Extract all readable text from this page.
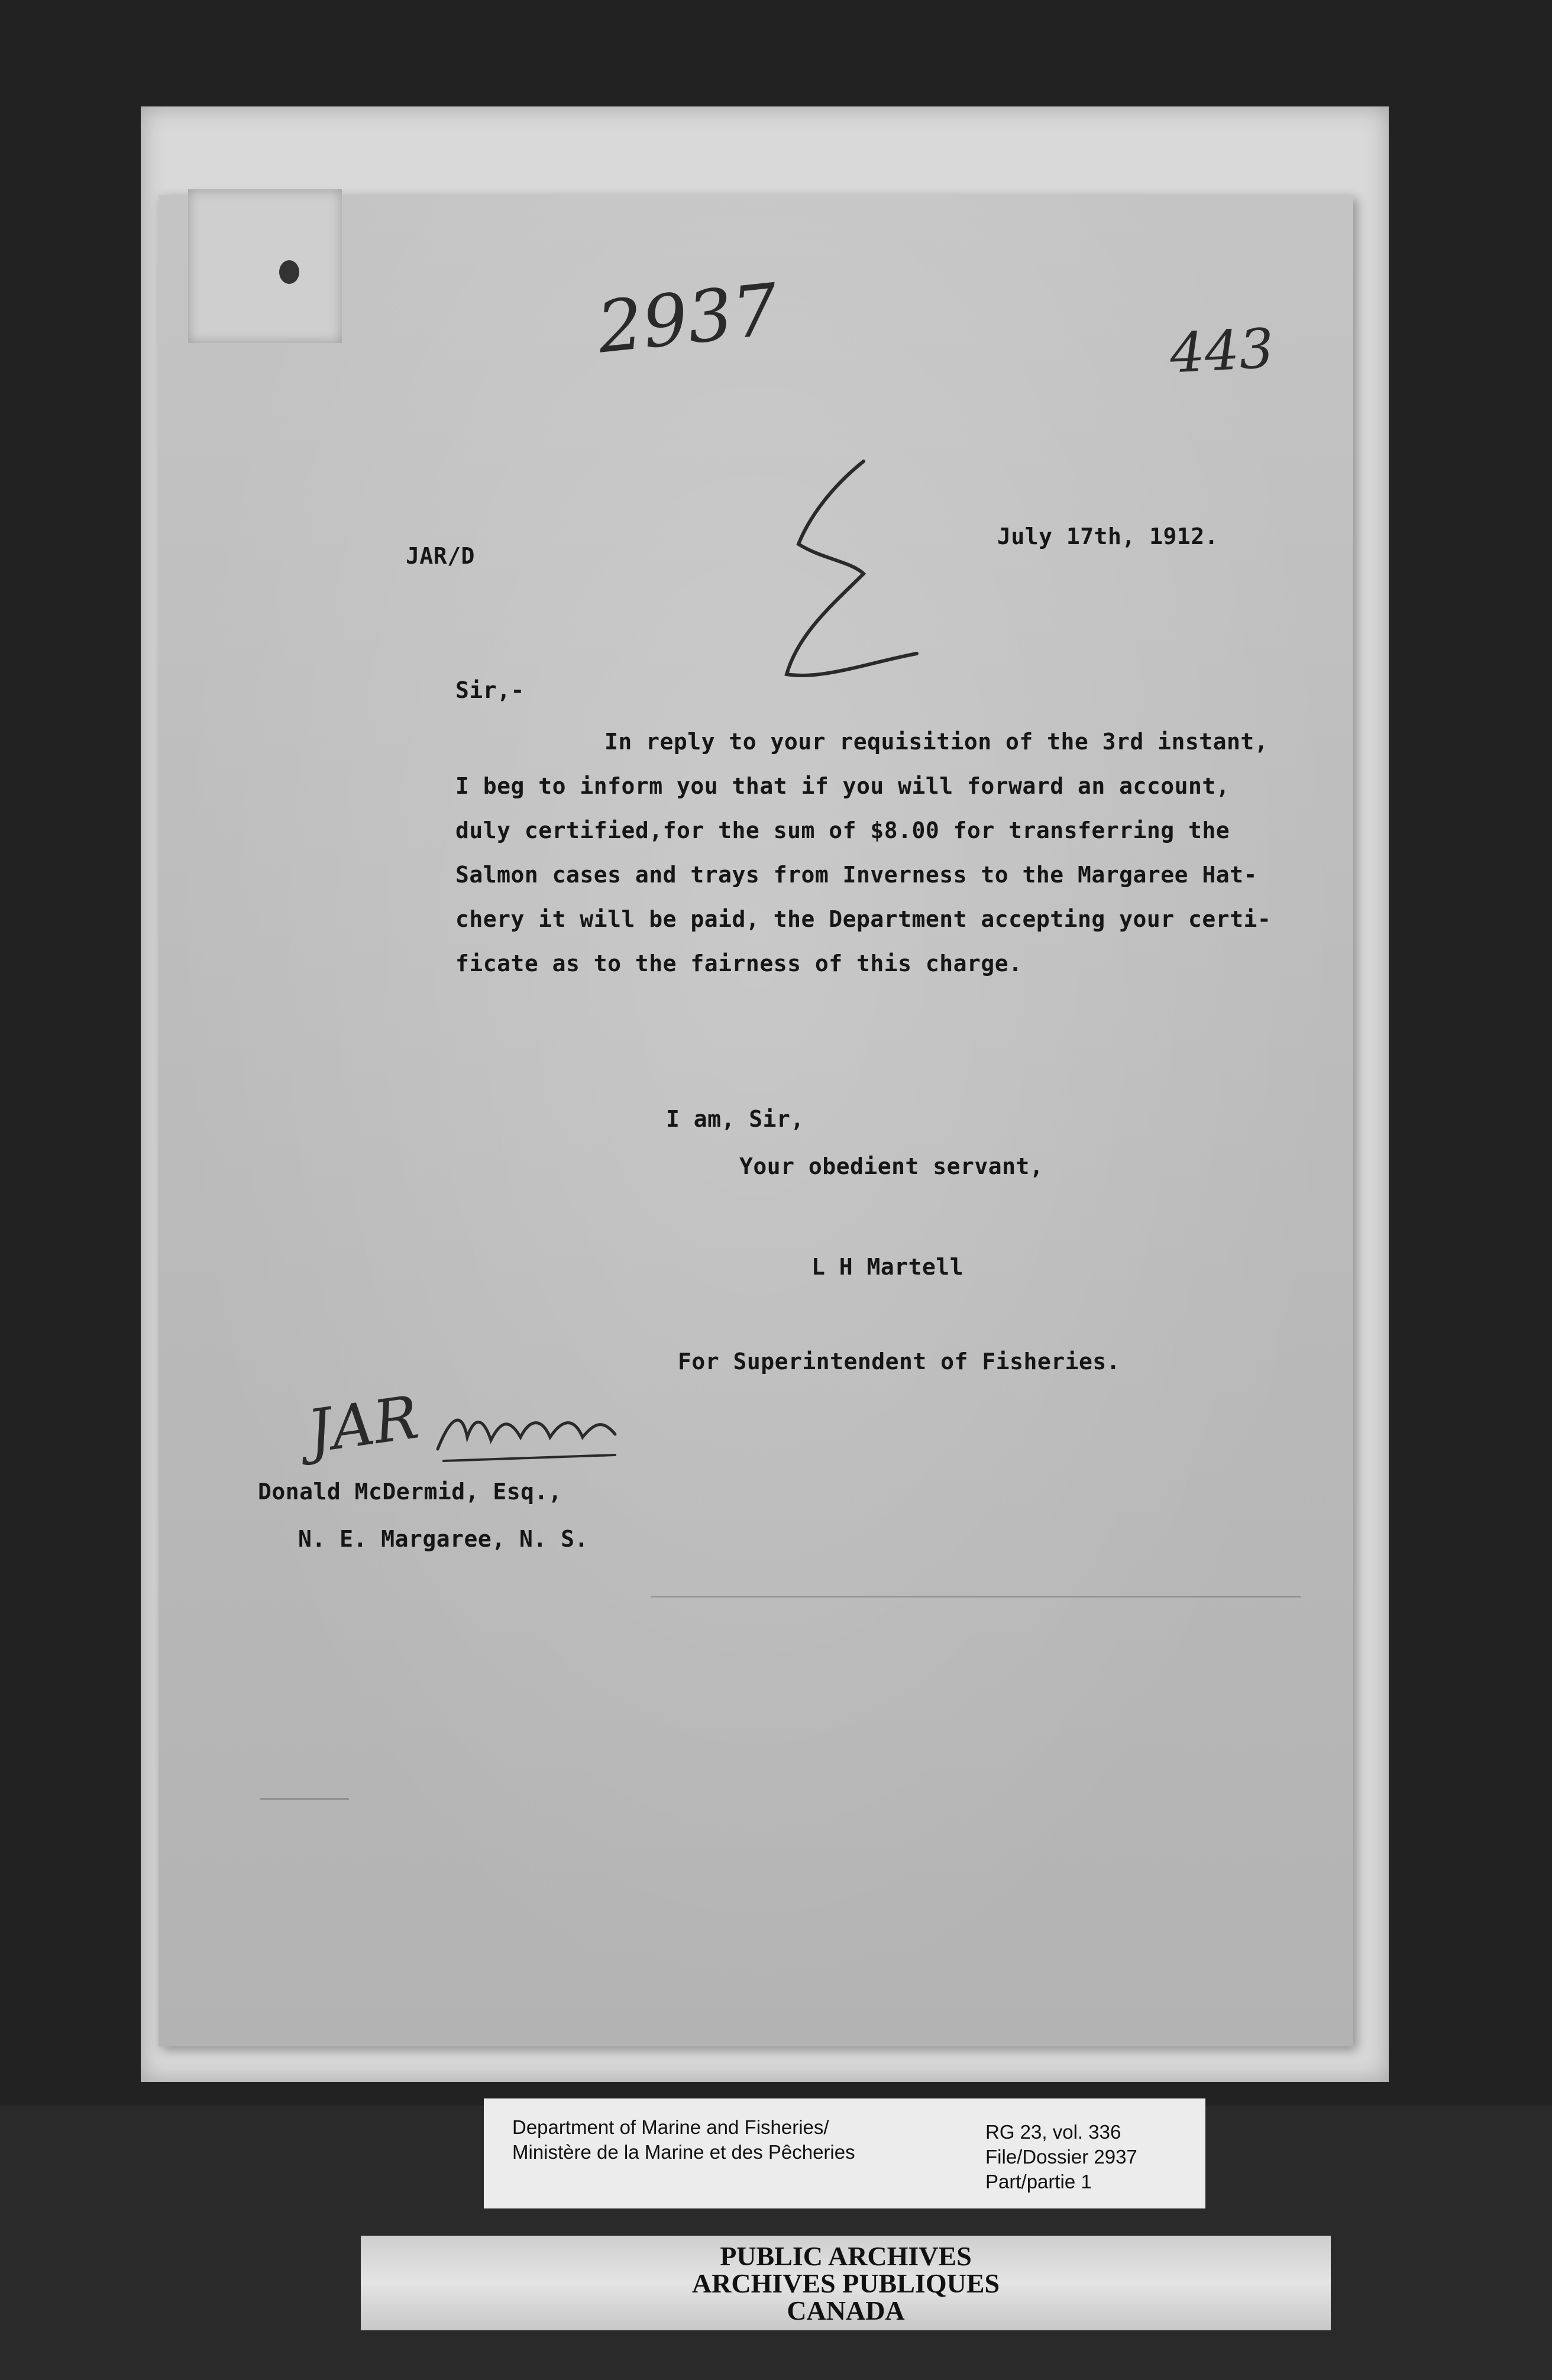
2937	443
JAR/D
July 17th, 1912.
Sir,-
In reply to your requisition of the 3rd instant,
I beg to inform you that if you will forward an account,
duly certified,for the sum of $8.00 for transferring the
Salmon cases and trays from Inverness to the Margaree Hat-
chery it will be paid, the Department accepting your certi-
ficate as to the fairness of this charge.
I am, Sir,
Your obedient servant,
L H Martell
For Superintendent of Fisheries.
JAR
Donald McDermid, Esq.,
N. E. Margaree, N. S.
Department of Marine and Fisheries/
Ministère de la Marine et des Pêcheries
RG 23, vol. 336
File/Dossier 2937
Part/partie 1
PUBLIC ARCHIVES
ARCHIVES PUBLIQUES
CANADA
